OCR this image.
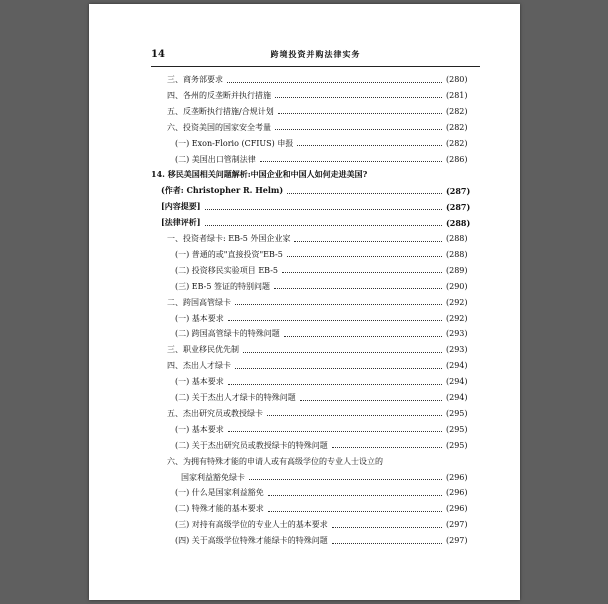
14	跨境投资并购法律实务
三、商务部要求	(280)
四、各州的反垄断并执行措施	(281)
五、反垄断执行措施/合规计划	(282)
六、投资美国的国家安全考量	(282)
(一) Exon-Florio (CFIUS) 申报	(282)
(二) 美国出口管制法律	(286)
14. 移民美国相关问题解析:中国企业和中国人如何走进美国?
(作者: Christopher R. Helm)	(287)
[内容提要]	(287)
[法律评析]	(288)
一、投资者绿卡: EB-5 外国企业家	(288)
(一) 普通的或"直接投资"EB-5	(288)
(二) 投资移民实验项目 EB-5	(289)
(三) EB-5 签证的特别问题	(290)
二、跨国高管绿卡	(292)
(一) 基本要求	(292)
(二) 跨国高管绿卡的特殊问题	(293)
三、职业移民优先制	(293)
四、杰出人才绿卡	(294)
(一) 基本要求	(294)
(二) 关于杰出人才绿卡的特殊问题	(294)
五、杰出研究员或教授绿卡	(295)
(一) 基本要求	(295)
(二) 关于杰出研究员或教授绿卡的特殊问题	(295)
六、为拥有特殊才能的申请人或有高级学位的专业人士设立的
国家利益豁免绿卡	(296)
(一) 什么是国家利益豁免	(296)
(二) 特殊才能的基本要求	(296)
(三) 对持有高级学位的专业人士的基本要求	(297)
(四) 关于高级学位特殊才能绿卡的特殊问题	(297)
